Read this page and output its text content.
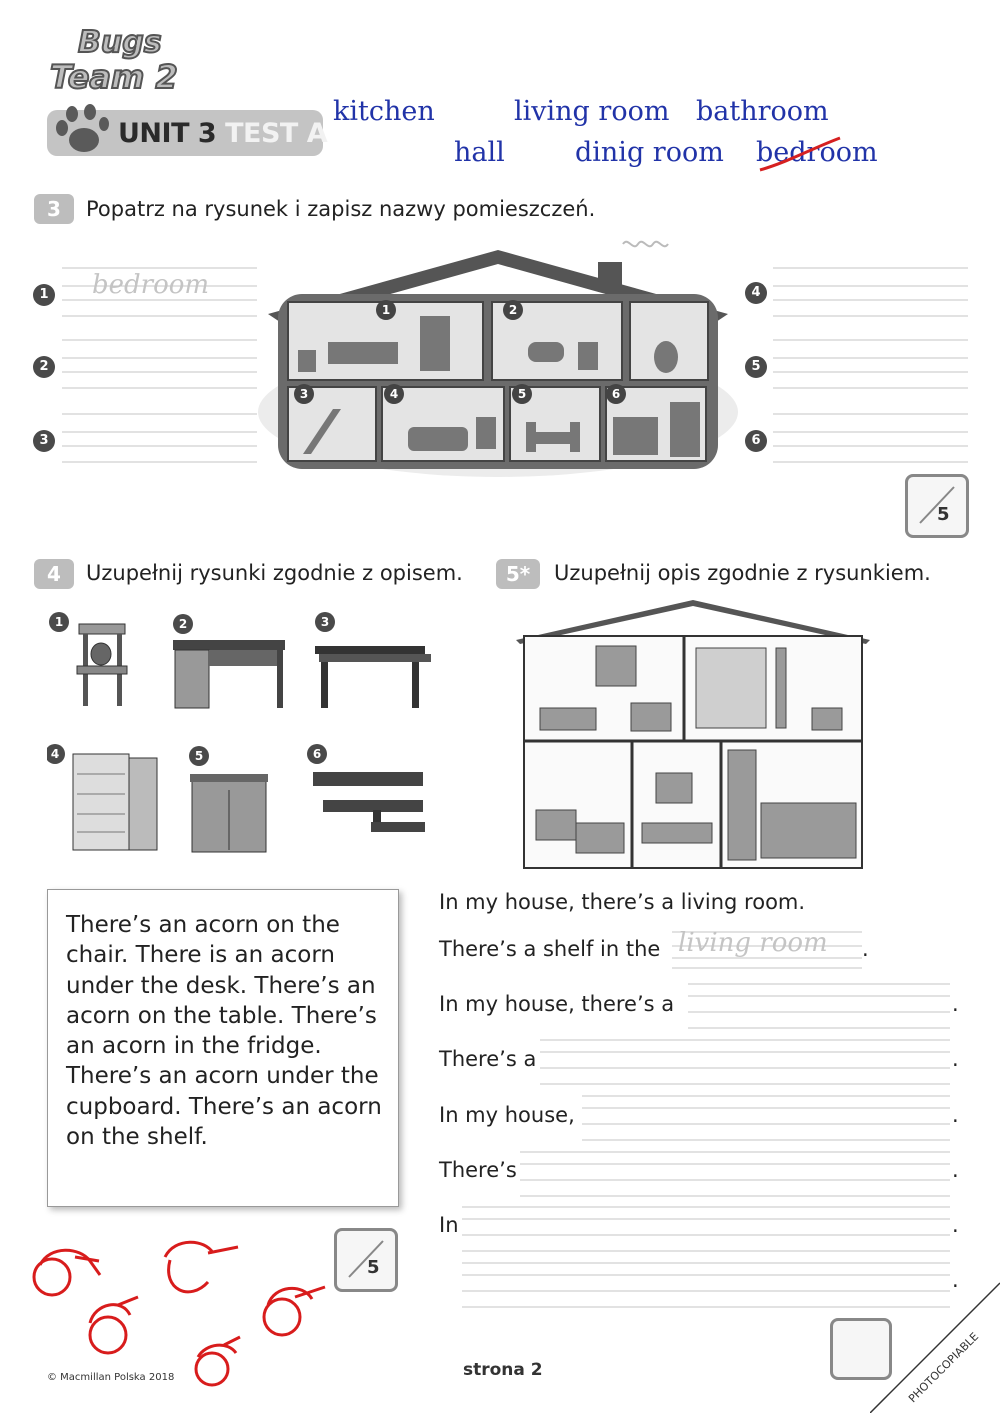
Bugs
Team 2
UNIT 3 TEST A
kitchen	living room bathroom
hall	dinig room bedroom
3	Popatrz na rysunek i zapisz nazwy pomieszczeń.
1
2
3
bedroom	4
5
6
1	2
3	4	5	6
5
4	Uzupełnij rysunki zgodnie z opisem.
1	2	3
4	5	6
There’s an acorn on the chair. There is an acorn under the desk. There’s an acorn on the table. There’s an acorn in the fridge. There’s an acorn under the cupboard. There’s an acorn on the shelf.
5
5*	Uzupełnij opis zgodnie z rysunkiem.
In my house, there’s a living room.
There’s a shelf in the living room .
In my house, there’s a	.
There’s a	.
In my house,	.
There’s	.
In	.
.
PHOTOCOPIABLE
© Macmillan Polska 2018	strona 2
